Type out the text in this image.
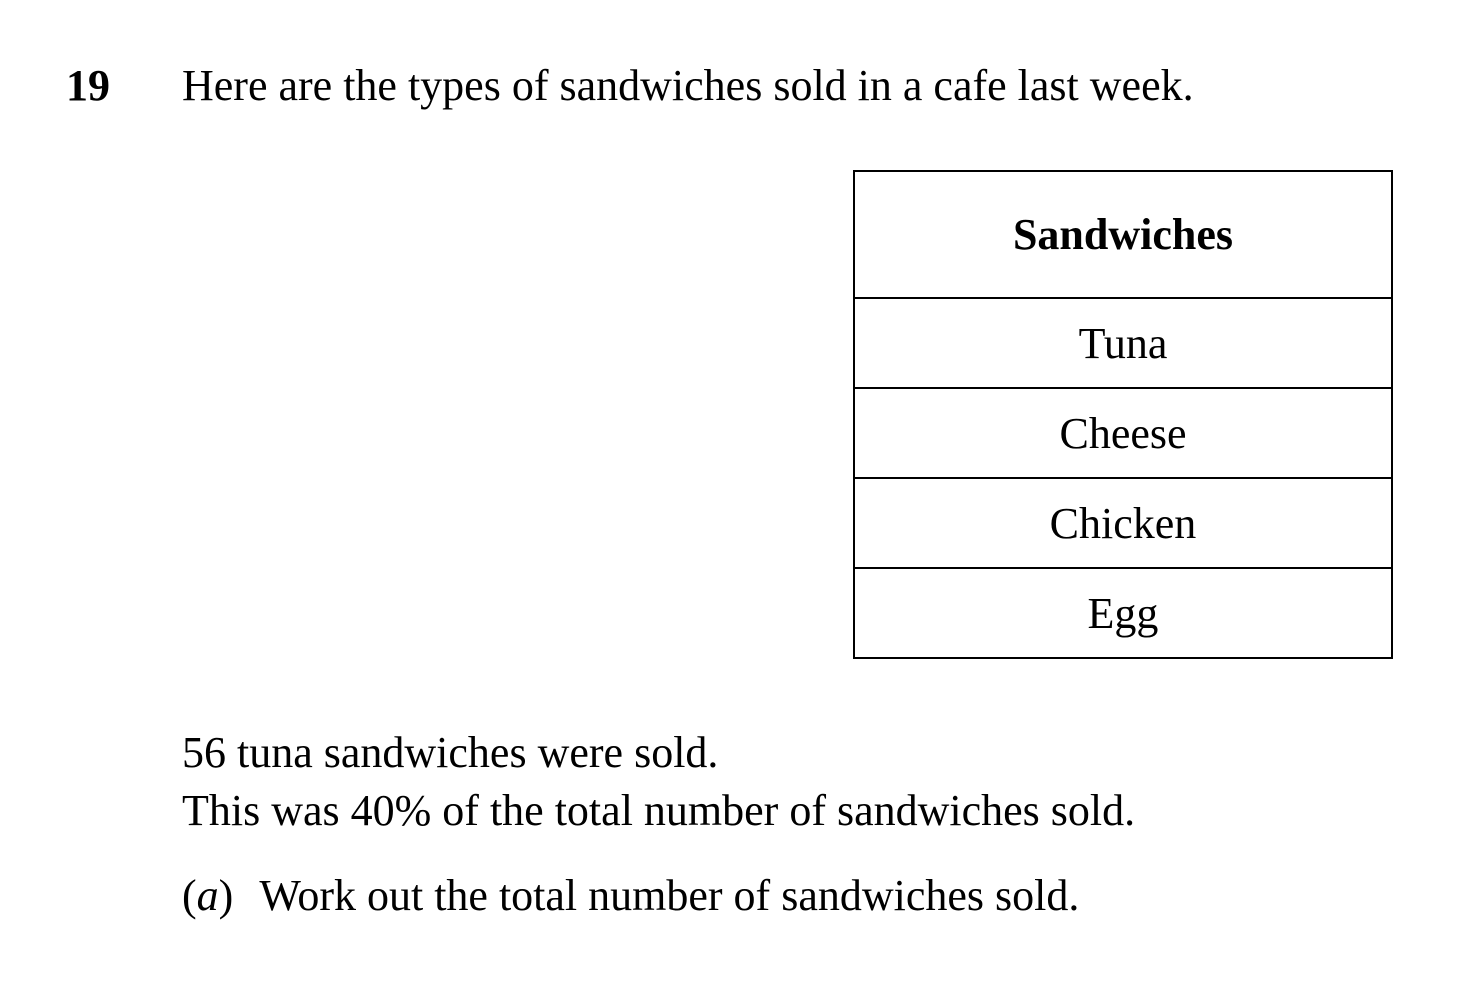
19 Here are the types of sandwiches sold in a cafe last week.
Sandwiches
Tuna
Cheese
Chicken
Egg
56 tuna sandwiches were sold.
This was 40% of the total number of sandwiches sold.
(a) Work out the total number of sandwiches sold.
